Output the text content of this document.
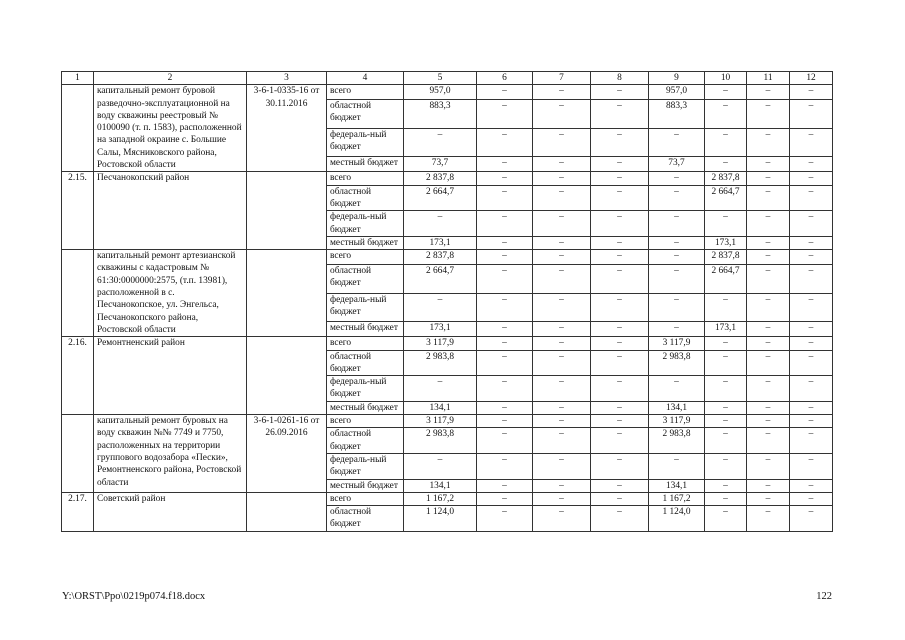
1	2	3	4	5	6	7	8	9	10	11	12
	капитальный ремонт буровой разведочно-эксплуатационной на воду скважины реестровый № 0100090 (т. п. 1583), расположенной на западной окраине с. Большие Салы, Мясниковского района, Ростовской области	3-6-1-0335-16 от 30.11.2016	всего	957,0	–	–	–	957,0	–	–	–
			областной бюджет	883,3	–	–	–	883,3	–	–	–
			федераль-ный бюджет	–	–	–	–	–	–	–	–
			местный бюджет	73,7	–	–	–	73,7	–	–	–
2.15.	Песчанокопский район		всего	2 837,8	–	–	–	–	2 837,8	–	–
			областной бюджет	2 664,7	–	–	–	–	2 664,7	–	–
			федераль-ный бюджет	–	–	–	–	–	–	–	–
			местный бюджет	173,1	–	–	–	–	173,1	–	–
	капитальный ремонт артезианской скважины с кадастровым № 61:30:0000000:2575, (т.п. 13981), расположенной в с. Песчанокопское, ул. Энгельса, Песчанокопского района, Ростовской области		всего	2 837,8	–	–	–	–	2 837,8	–	–
			областной бюджет	2 664,7	–	–	–	–	2 664,7	–	–
			федераль-ный бюджет	–	–	–	–	–	–	–	–
			местный бюджет	173,1	–	–	–	–	173,1	–	–
2.16.	Ремонтненский район		всего	3 117,9	–	–	–	3 117,9	–	–	–
			областной бюджет	2 983,8	–	–	–	2 983,8	–	–	–
			федераль-ный бюджет	–	–	–	–	–	–	–	–
			местный бюджет	134,1	–	–	–	134,1	–	–	–
	капитальный ремонт буровых на воду скважин №№ 7749 и 7750, расположенных на территории группового водозабора «Пески», Ремонтненского района, Ростовской области	3-6-1-0261-16 от 26.09.2016	всего	3 117,9	–	–	–	3 117,9	–	–	–
			областной бюджет	2 983,8	–	–	–	2 983,8	–	–	–
			федераль-ный бюджет	–	–	–	–	–	–	–	–
			местный бюджет	134,1	–	–	–	134,1	–	–	–
2.17.	Советский район		всего	1 167,2	–	–	–	1 167,2	–	–	–
			областной бюджет	1 124,0	–	–	–	1 124,0	–	–	–
Y:\ORST\Ppo\0219p074.f18.docx	122
